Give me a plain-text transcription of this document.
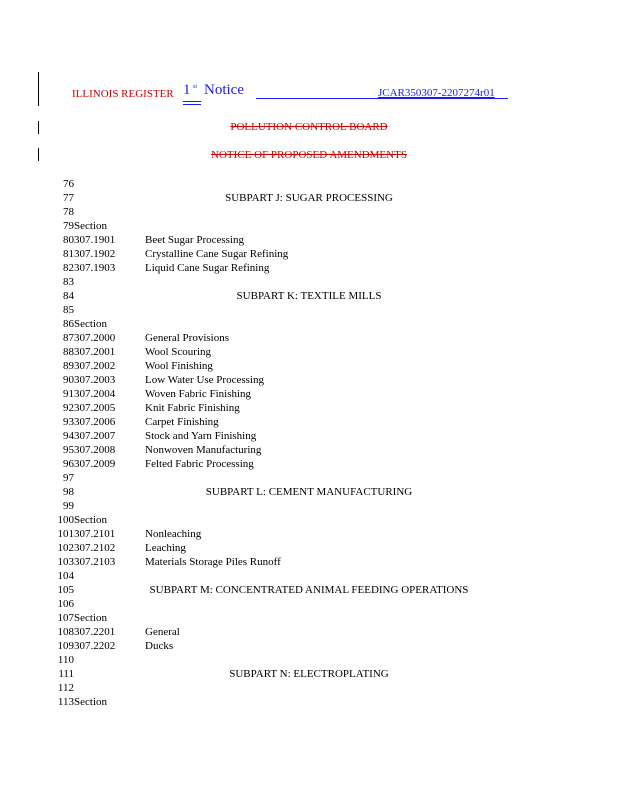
ILLINOIS REGISTER 1 st Notice	JCAR350307-2207274r01
POLLUTION CONTROL BOARD
NOTICE OF PROPOSED AMENDMENTS
76
77	SUBPART J: SUGAR PROCESSING
78
79 Section
80 307.1901	Beet Sugar Processing
81 307.1902	Crystalline Cane Sugar Refining
82 307.1903	Liquid Cane Sugar Refining
83
84	SUBPART K: TEXTILE MILLS
85
86 Section
87 307.2000	General Provisions
88 307.2001	Wool Scouring
89 307.2002	Wool Finishing
90 307.2003	Low Water Use Processing
91 307.2004	Woven Fabric Finishing
92 307.2005	Knit Fabric Finishing
93 307.2006	Carpet Finishing
94 307.2007	Stock and Yarn Finishing
95 307.2008	Nonwoven Manufacturing
96 307.2009	Felted Fabric Processing
97
98	SUBPART L: CEMENT MANUFACTURING
99
100 Section
101 307.2101	Nonleaching
102 307.2102	Leaching
103 307.2103	Materials Storage Piles Runoff
104
105	SUBPART M: CONCENTRATED ANIMAL FEEDING OPERATIONS
106
107 Section
108 307.2201	General
109 307.2202	Ducks
110
111	SUBPART N: ELECTROPLATING
112
113 Section
